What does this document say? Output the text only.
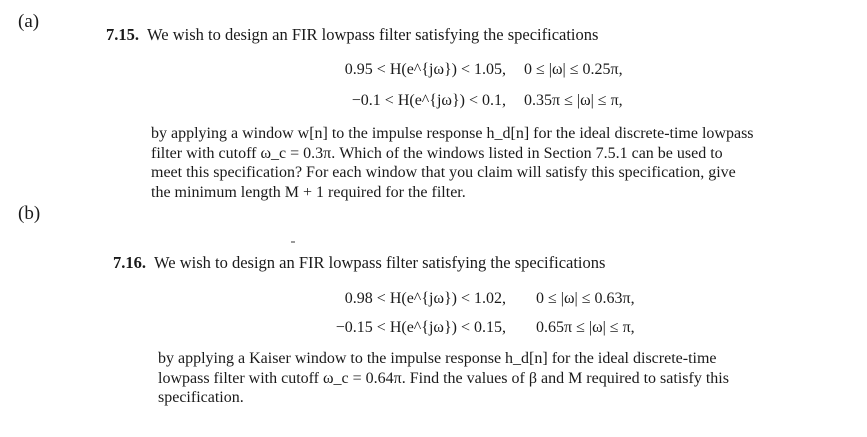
(a)
(b)
7.15. We wish to design an FIR lowpass filter satisfying the specifications
0.95 < H(e^{jω}) < 1.05, 0 ≤ |ω| ≤ 0.25π,
−0.1 < H(e^{jω}) < 0.1, 0.35π ≤ |ω| ≤ π,
by applying a window w[n] to the impulse response h_d[n] for the ideal discrete-time lowpass
filter with cutoff ω_c = 0.3π. Which of the windows listed in Section 7.5.1 can be used to
meet this specification? For each window that you claim will satisfy this specification, give
the minimum length M + 1 required for the filter.
7.16. We wish to design an FIR lowpass filter satisfying the specifications
0.98 < H(e^{jω}) < 1.02, 0 ≤ |ω| ≤ 0.63π,
−0.15 < H(e^{jω}) < 0.15, 0.65π ≤ |ω| ≤ π,
by applying a Kaiser window to the impulse response h_d[n] for the ideal discrete-time
lowpass filter with cutoff ω_c = 0.64π. Find the values of β and M required to satisfy this
specification.
